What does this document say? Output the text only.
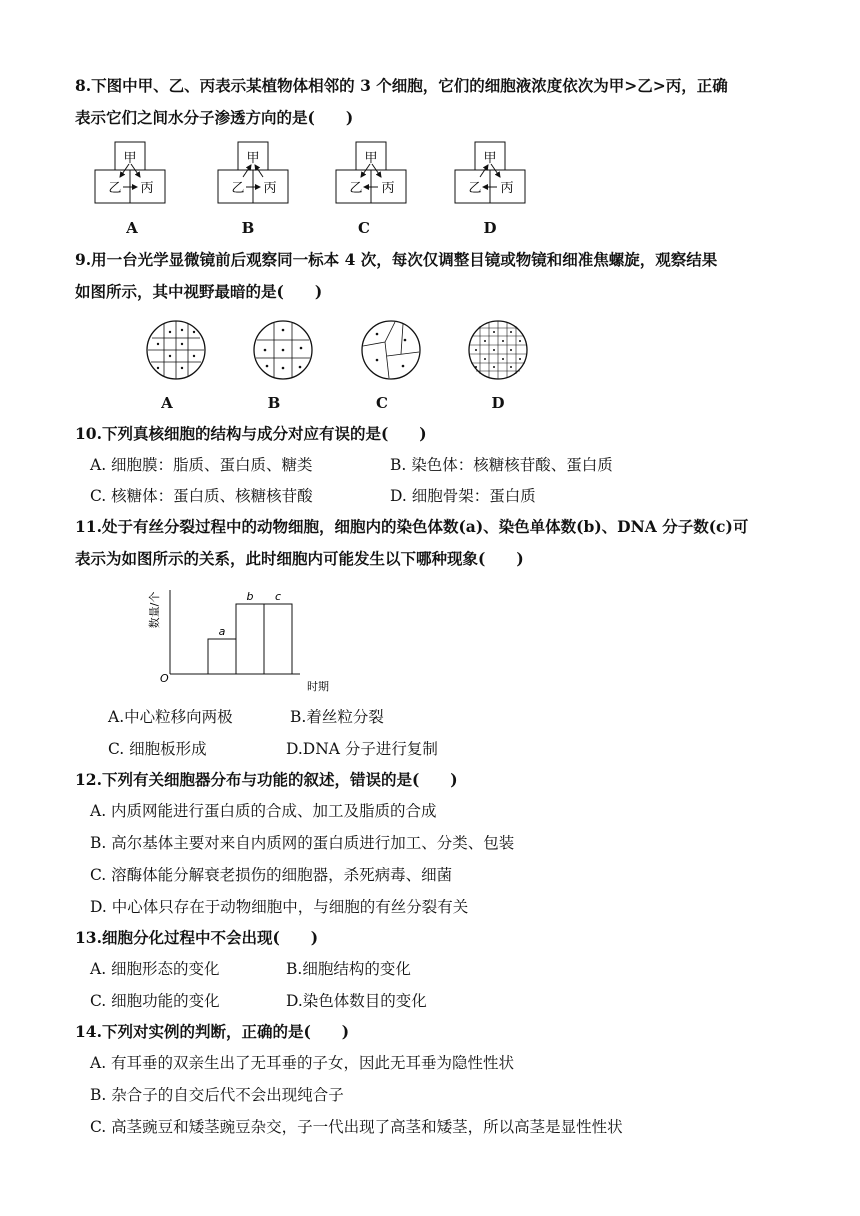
8.下图中甲、乙、丙表示某植物体相邻的 3 个细胞，它们的细胞液浓度依次为甲>乙>丙，正确
表示它们之间水分子渗透方向的是(　　)
甲
乙 丙
甲
乙 丙
甲
乙 丙
甲
乙 丙
A	B	C	D
9.用一台光学显微镜前后观察同一标本 4 次，每次仅调整目镜或物镜和细准焦螺旋，观察结果
如图所示，其中视野最暗的是(　　)
A	B	C	D
10.下列真核细胞的结构与成分对应有误的是(　　)
A. 细胞膜：脂质、蛋白质、糖类	B. 染色体：核糖核苷酸、蛋白质
C. 核糖体：蛋白质、核糖核苷酸	D. 细胞骨架：蛋白质
11.处于有丝分裂过程中的动物细胞，细胞内的染色体数(a)、染色单体数(b)、DNA 分子数(c)可
表示为如图所示的关系，此时细胞内可能发生以下哪种现象(　　)
数量/个
O
时期
a
b c
A.中心粒移向两极	B.着丝粒分裂
C. 细胞板形成	D.DNA 分子进行复制
12.下列有关细胞器分布与功能的叙述，错误的是(　　)
A. 内质网能进行蛋白质的合成、加工及脂质的合成
B. 高尔基体主要对来自内质网的蛋白质进行加工、分类、包装
C. 溶酶体能分解衰老损伤的细胞器，杀死病毒、细菌
D. 中心体只存在于动物细胞中，与细胞的有丝分裂有关
13.细胞分化过程中不会出现(　　)
A. 细胞形态的变化	B.细胞结构的变化
C. 细胞功能的变化	D.染色体数目的变化
14.下列对实例的判断，正确的是(　　)
A. 有耳垂的双亲生出了无耳垂的子女，因此无耳垂为隐性性状
B. 杂合子的自交后代不会出现纯合子
C. 高茎豌豆和矮茎豌豆杂交，子一代出现了高茎和矮茎，所以高茎是显性性状
